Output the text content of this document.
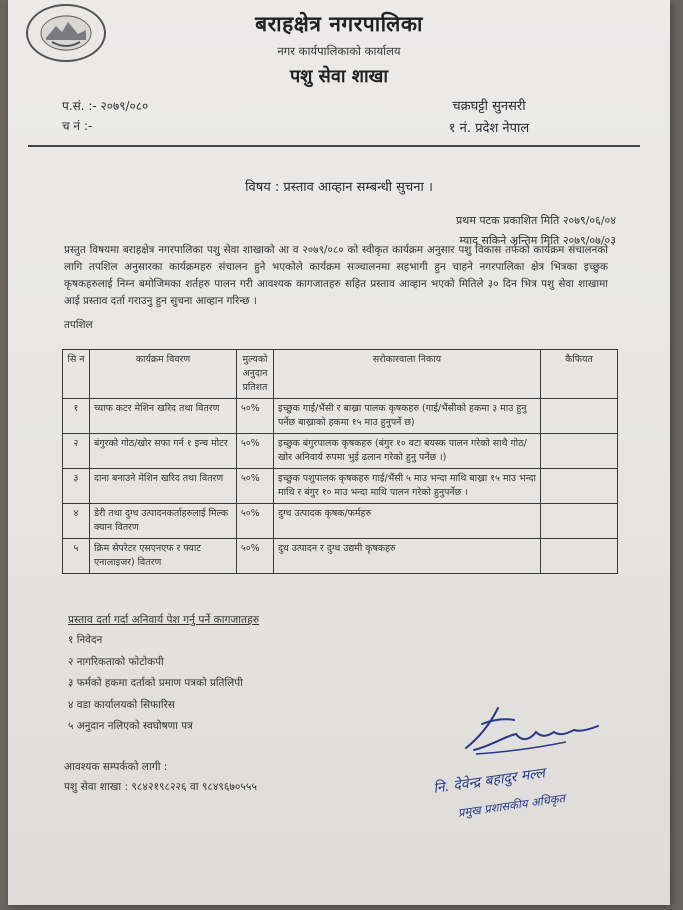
बराहक्षेत्र नगरपालिका
नगर कार्यपालिकाको कार्यालय
पशु सेवा शाखा
चक्रघट्टी सुनसरी
१ नं. प्रदेश नेपाल
प.सं. :- २०७९/०८०
च नं :-
विषय : प्रस्ताव आव्हान सम्बन्धी सुचना ।
प्रथम पटक प्रकाशित मिति २०७९/०६/०४
म्याद सकिने अन्तिम मिति २०७९/०७/०३
प्रस्तुत विषयमा बराहक्षेत्र नगरपालिका पशु सेवा शाखाको आ व २०७९/०८० को स्वीकृत कार्यक्रम अनुसार पशु विकास तर्फको कार्यक्रम संचालनको लागि तपशिल अनुसारका कार्यक्रमहरु संचालन हुने भएकोले कार्यक्रम सञ्चालनमा सहभागी हुन चाहने नगरपालिका क्षेत्र भित्रका इच्छुक कृषकहरुलाई निम्न बमोजिमका शर्तहरु पालन गरी आवश्यक कागजातहरु सहित प्रस्ताव आव्हान भएको मितिले ३० दिन भित्र पशु सेवा शाखामा आई प्रस्ताव दर्ता गराउनु हुन सुचना आव्हान गरिन्छ ।
तपशिल
सि न	कार्यक्रम विवरण	मुल्यको अनुदान प्रतिशत	सरोकारवाला निकाय	कैफियत
१	च्याफ कटर मेशिन खरिद तथा वितरण	५०%	इच्छुक गाई/भैंसी र बाख्रा पालक कृषकहरु (गाई/भैंसीको हकमा ३ माउ हुनु पर्नेछ बाख्राको हकमा १५ माउ हुनुपर्ने छ)	
२	बंगुरको गोठ/खोर सफा गर्न १ इन्च मोटर	५०%	इच्छुक बंगुरपालक कृषकहरु (बंगुर १० वटा बयस्क पालन गरेको साथै गोठ/खोर अनिवार्य रुपमा भुई ढलान गरेको हुनु पर्नेछ ।)	
३	दाना बनाउने मेशिन खरिद तथा वितरण	५०%	इच्छुक पशुपालक कृषकहरु गाई/भैंसी ५ माउ भन्दा माथि बाख्रा १५ माउ भन्दा माथि र बंगुर १० माउ भन्दा माथि पालन गरेको हुनुपर्नेछ ।	
४	डेरी तथा दुग्ध उत्पादनकर्ताहरुलाई मिल्क क्यान वितरण	५०%	दुग्ध उत्पादक कृषक/फर्महरु	
५	क्रिम सेपरेटर एसएनएफ र फ्याट एनालाइजर) वितरण	५०%	दुध उत्पादन र दुग्ध उद्यमी कृषकहरु	
प्रस्ताव दर्ता गर्दा अनिवार्य पेश गर्नु पर्ने कागजातहरु
१ निवेदन
२ नागरिकताको फोटोकपी
३ फर्मको हकमा दर्ताको प्रमाण पत्रको प्रतिलिपी
४ वडा कार्यालयको सिफारिस
५ अनुदान नलिएको स्वघोषणा पत्र
आवश्यक सम्पर्कको लागी :
पशु सेवा शाखा : ९८४२१९८२२६ वा ९८४९६७०५५५	नि. देवेन्द्र बहादुर मल्ल
प्रमुख प्रशासकीय अधिकृत
